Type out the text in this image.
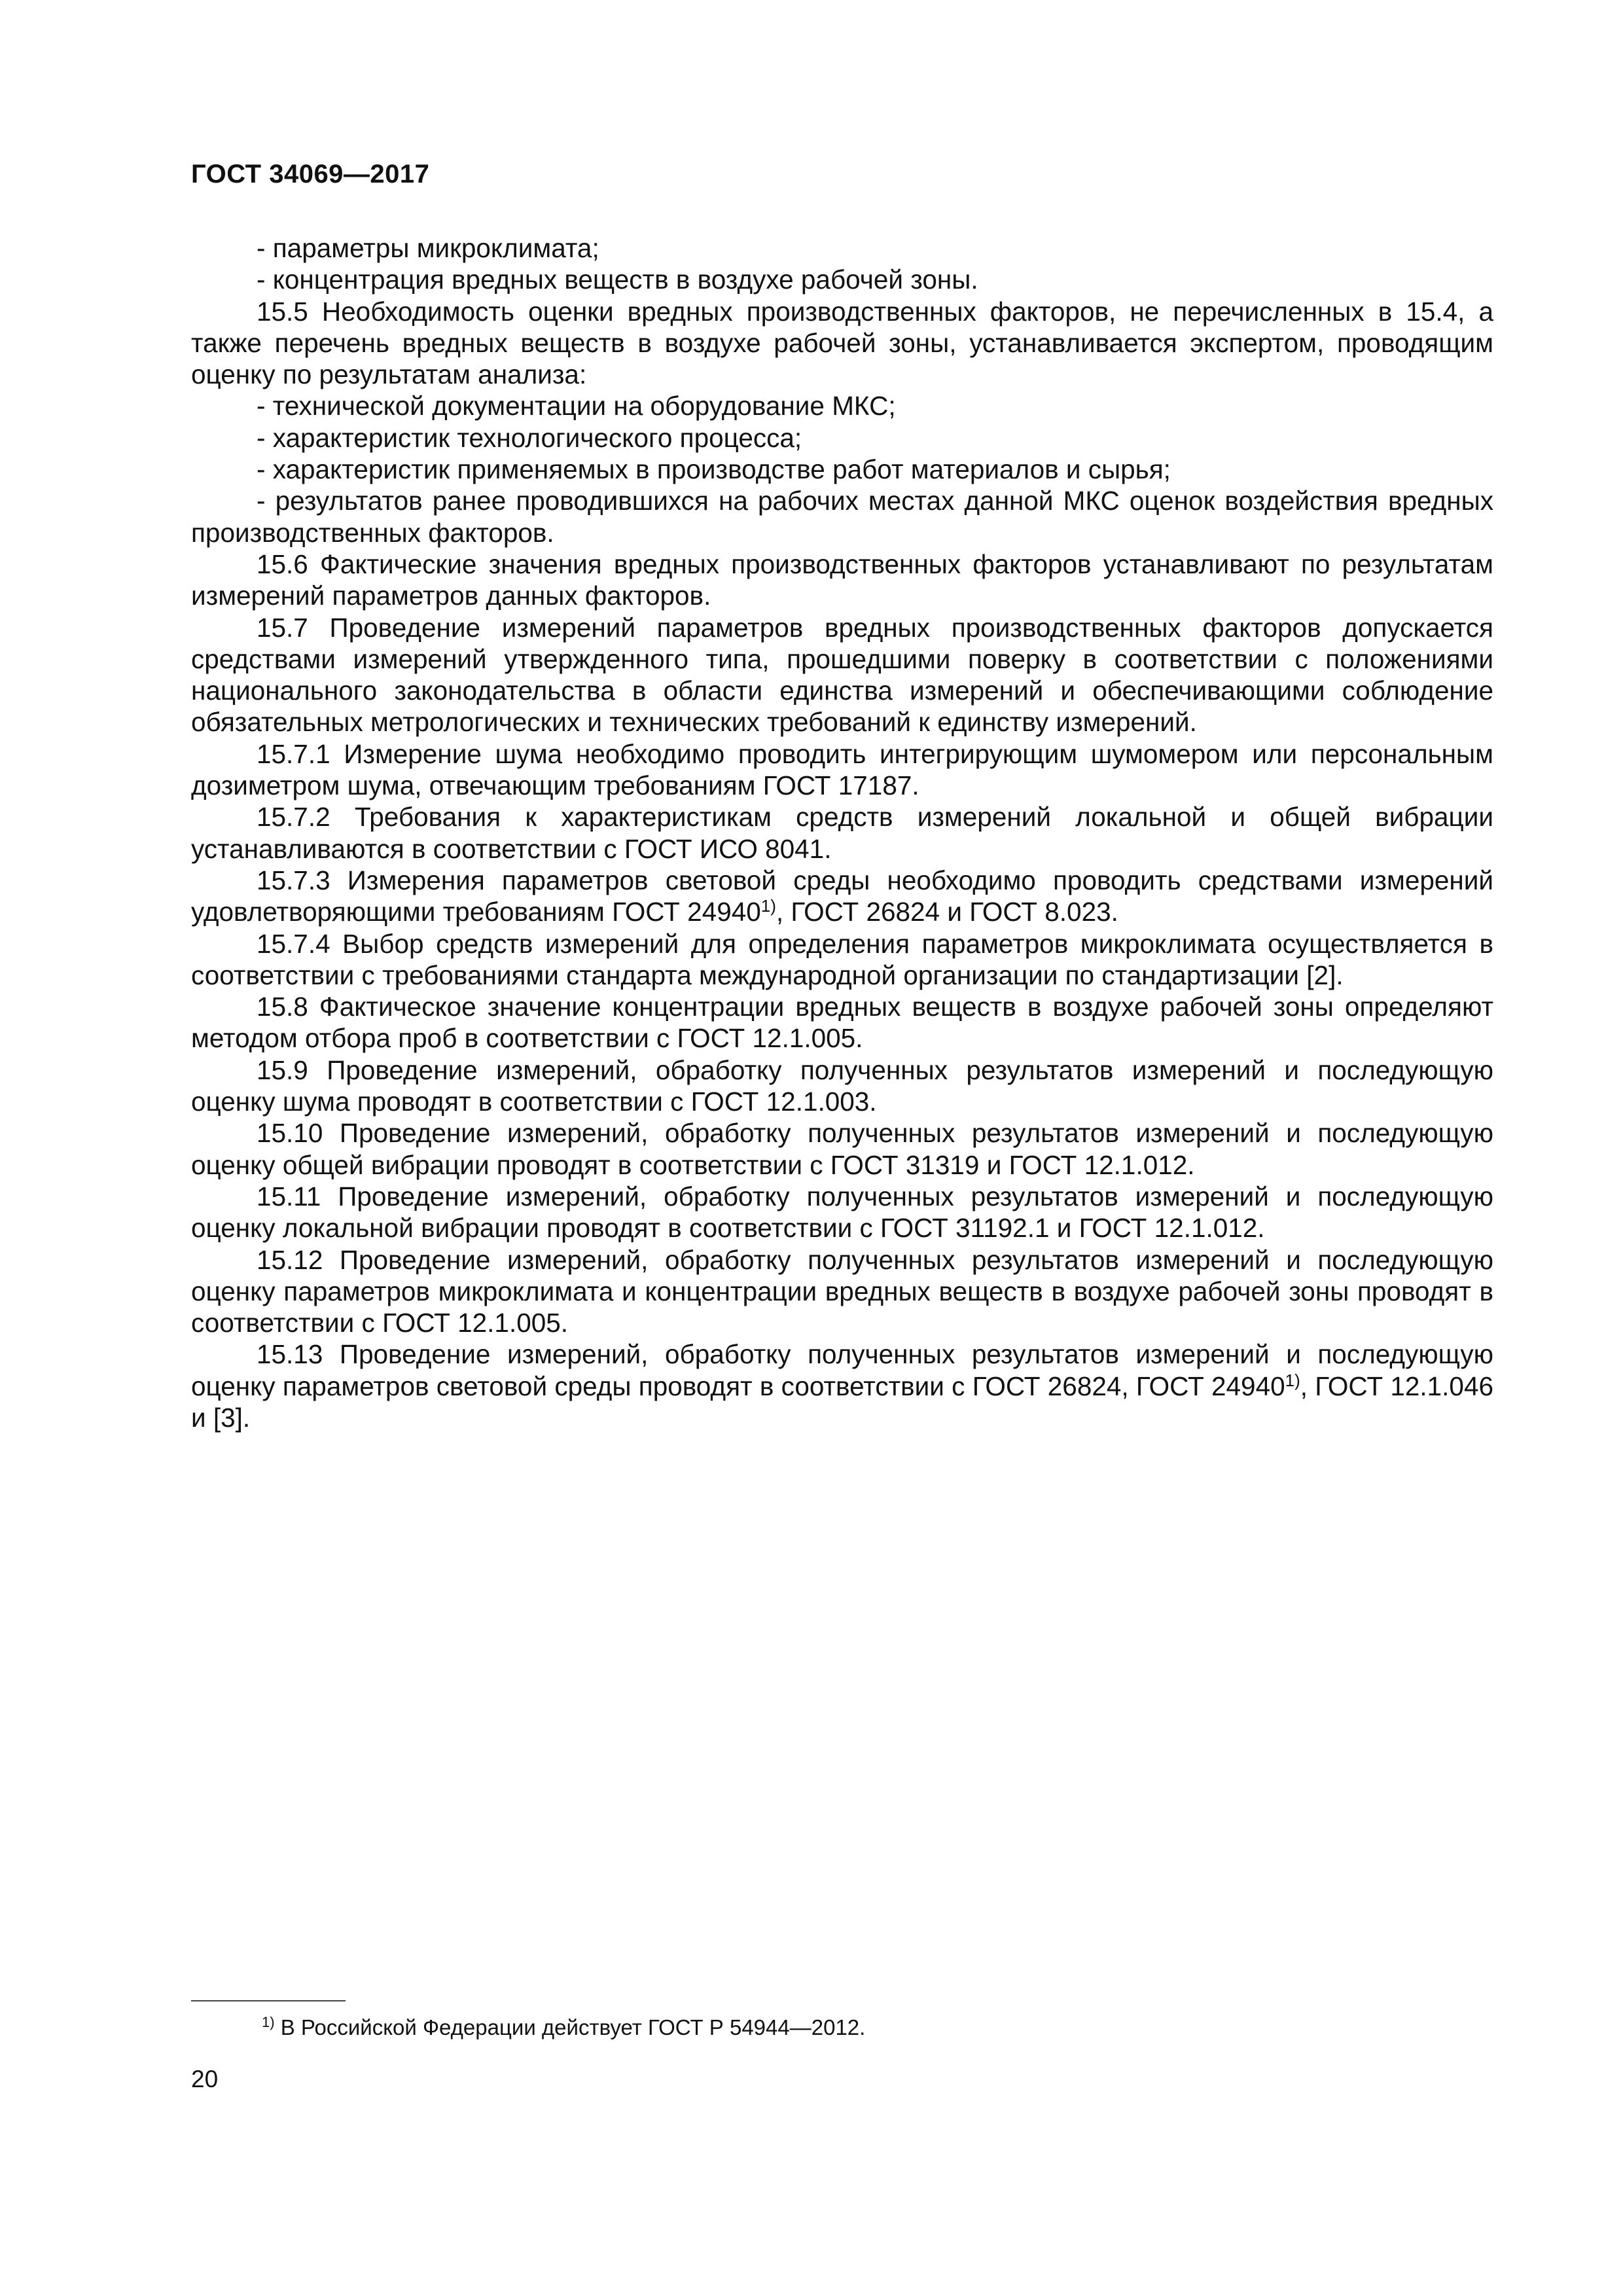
ГОСТ 34069—2017

- параметры микроклимата;

- концентрация вредных веществ в воздухе рабочей зоны.

15.5 Необходимость оценки вредных производственных факторов, не перечисленных в 15.4, а также перечень вредных веществ в воздухе рабочей зоны, устанавливается экспертом, проводящим оценку по результатам анализа:

- технической документации на оборудование МКС;

- характеристик технологического процесса;

- характеристик применяемых в производстве работ материалов и сырья;

- результатов ранее проводившихся на рабочих местах данной МКС оценок воздействия вредных производственных факторов.

15.6 Фактические значения вредных производственных факторов устанавливают по результатам измерений параметров данных факторов.

15.7 Проведение измерений параметров вредных производственных факторов допускается средствами измерений утвержденного типа, прошедшими поверку в соответствии с положениями национального законодательства в области единства измерений и обеспечивающими соблюдение обязательных метрологических и технических требований к единству измерений.

15.7.1 Измерение шума необходимо проводить интегрирующим шумомером или персональным дозиметром шума, отвечающим требованиям ГОСТ 17187.

15.7.2 Требования к характеристикам средств измерений локальной и общей вибрации устанавливаются в соответствии с ГОСТ ИСО 8041.

15.7.3 Измерения параметров световой среды необходимо проводить средствами измерений удовлетворяющими требованиям ГОСТ 24940$^{1)}$, ГОСТ 26824 и ГОСТ 8.023.

15.7.4 Выбор средств измерений для определения параметров микроклимата осуществляется в соответствии с требованиями стандарта международной организации по стандартизации [2].

15.8 Фактическое значение концентрации вредных веществ в воздухе рабочей зоны определяют методом отбора проб в соответствии с ГОСТ 12.1.005.

15.9 Проведение измерений, обработку полученных результатов измерений и последующую оценку шума проводят в соответствии с ГОСТ 12.1.003.

15.10 Проведение измерений, обработку полученных результатов измерений и последующую оценку общей вибрации проводят в соответствии с ГОСТ 31319 и ГОСТ 12.1.012.

15.11 Проведение измерений, обработку полученных результатов измерений и последующую оценку локальной вибрации проводят в соответствии с ГОСТ 31192.1 и ГОСТ 12.1.012.

15.12 Проведение измерений, обработку полученных результатов измерений и последующую оценку параметров микроклимата и концентрации вредных веществ в воздухе рабочей зоны проводят в соответствии с ГОСТ 12.1.005.

15.13 Проведение измерений, обработку полученных результатов измерений и последующую оценку параметров световой среды проводят в соответствии с ГОСТ 26824, ГОСТ 24940$^{1)}$, ГОСТ 12.1.046 и [3].

$^{1)}$ В Российской Федерации действует ГОСТ Р 54944—2012.
20
